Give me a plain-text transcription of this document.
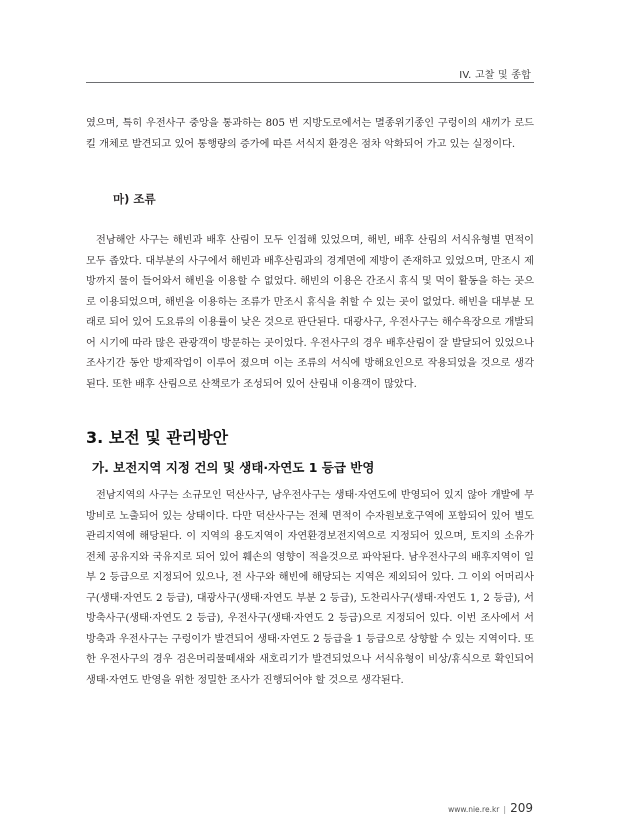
IV. 고찰 및 종합

였으며, 특히 우전사구 중앙을 통과하는 805 번 지방도로에서는 멸종위기종인 구렁이의 새끼가 로드킬 개체로 발견되고 있어 통행량의 증가에 따른 서식지 환경은 점차 악화되어 가고 있는 실정이다.

마) 조류

전남해안 사구는 해빈과 배후 산림이 모두 인접해 있었으며, 해빈, 배후 산림의 서식유형별 면적이 모두 좁았다. 대부분의 사구에서 해빈과 배후산림과의 경계면에 제방이 존재하고 있었으며, 만조시 제방까지 물이 들어와서 해빈을 이용할 수 없었다. 해빈의 이용은 간조시 휴식 및 먹이 활동을 하는 곳으로 이용되었으며, 해빈을 이용하는 조류가 만조시 휴식을 취할 수 있는 곳이 없었다. 해빈을 대부분 모래로 되어 있어 도요류의 이용률이 낮은 것으로 판단된다. 대광사구, 우전사구는 해수욕장으로 개발되어 시기에 따라 많은 관광객이 방문하는 곳이었다. 우전사구의 경우 배후산림이 잘 발달되어 있었으나 조사기간 동안 방제작업이 이루어 졌으며 이는 조류의 서식에 방해요인으로 작용되었을 것으로 생각된다. 또한 배후 산림으로 산책로가 조성되어 있어 산림내 이용객이 많았다.

3. 보전 및 관리방안
가. 보전지역 지정 건의 및 생태·자연도 1 등급 반영

전남지역의 사구는 소규모인 덕산사구, 남우전사구는 생태·자연도에 반영되어 있지 않아 개발에 무방비로 노출되어 있는 상태이다. 다만 덕산사구는 전체 면적이 수자원보호구역에 포함되어 있어 별도관리지역에 해당된다. 이 지역의 용도지역이 자연환경보전지역으로 지정되어 있으며, 토지의 소유가 전체 공유지와 국유지로 되어 있어 훼손의 영향이 적을것으로 파악된다. 남우전사구의 배후지역이 일부 2 등급으로 지정되어 있으나, 전 사구와 해빈에 해당되는 지역은 제외되어 있다. 그 이외 어머리사구(생태·자연도 2 등급), 대광사구(생태·자연도 부분 2 등급), 도찬리사구(생태·자연도 1, 2 등급), 서방축사구(생태·자연도 2 등급), 우전사구(생태·자연도 2 등급)으로 지정되어 있다. 이번 조사에서 서방축과 우전사구는 구렁이가 발견되어 생태·자연도 2 등급을 1 등급으로 상향할 수 있는 지역이다. 또한 우전사구의 경우 검은머리물떼새와 새호리기가 발견되었으나 서식유형이 비상/휴식으로 확인되어 생태·자연도 반영을 위한 정밀한 조사가 진행되어야 할 것으로 생각된다.

www.nie.re.kr | 209
